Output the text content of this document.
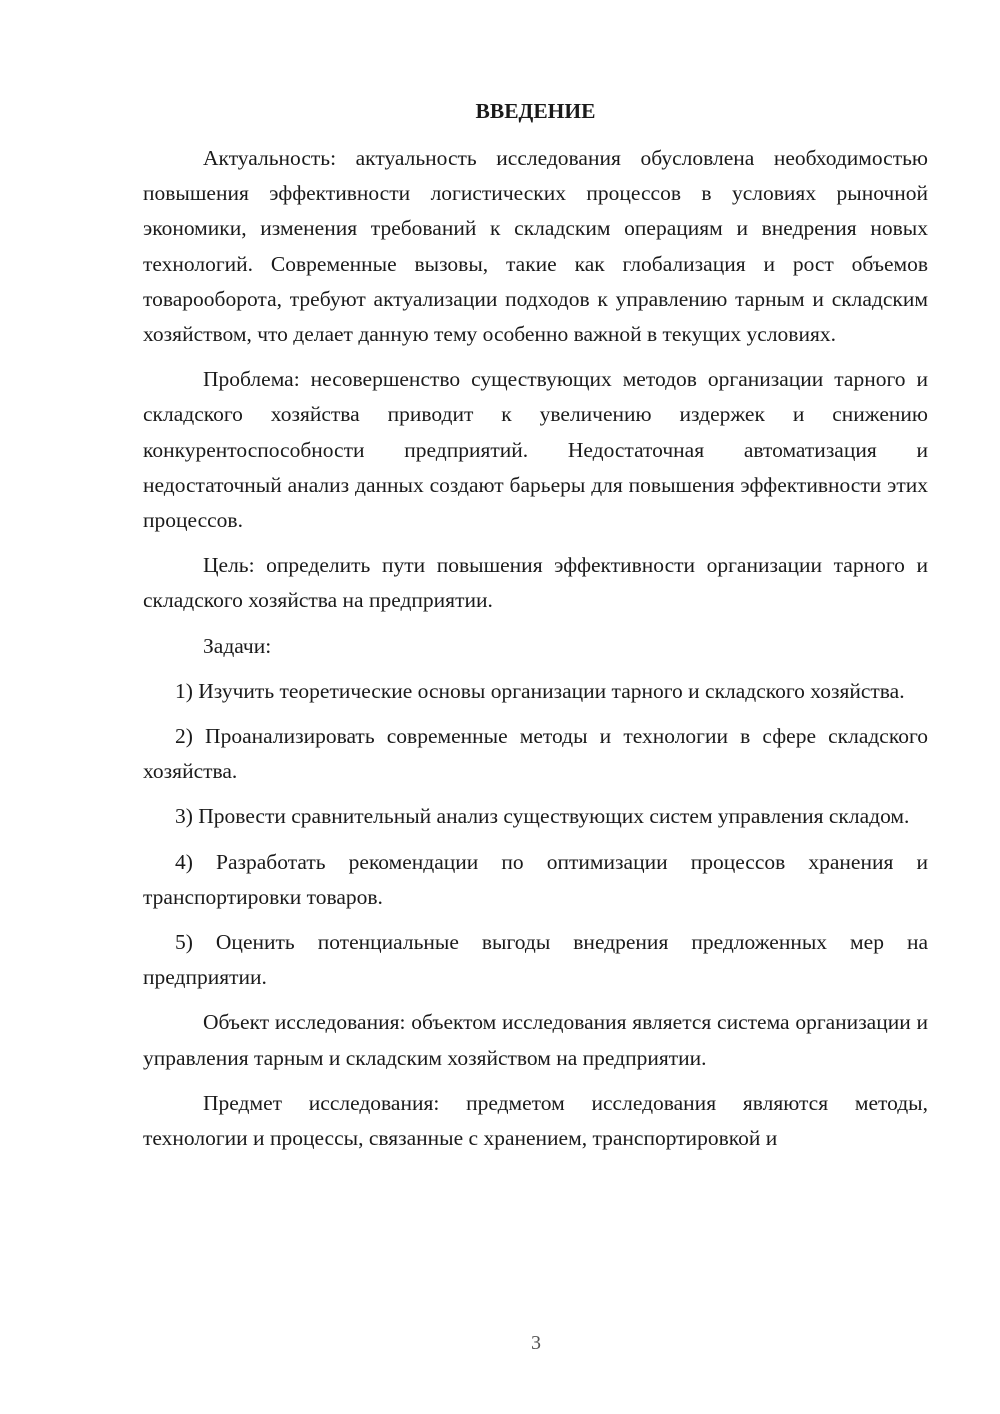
ВВЕДЕНИЕ

Актуальность: актуальность исследования обусловлена необходимостью повышения эффективности логистических процессов в условиях рыночной экономики, изменения требований к складским операциям и внедрения новых технологий. Современные вызовы, такие как глобализация и рост объемов товарооборота, требуют актуализации подходов к управлению тарным и складским хозяйством, что делает данную тему особенно важной в текущих условиях.

Проблема: несовершенство существующих методов организации тарного и складского хозяйства приводит к увеличению издержек и снижению конкурентоспособности предприятий. Недостаточная автоматизация и недостаточный анализ данных создают барьеры для повышения эффективности этих процессов.

Цель: определить пути повышения эффективности организации тарного и складского хозяйства на предприятии.

Задачи:

1) Изучить теоретические основы организации тарного и складского хозяйства.

2) Проанализировать современные методы и технологии в сфере складского хозяйства.

3) Провести сравнительный анализ существующих систем управления складом.

4) Разработать рекомендации по оптимизации процессов хранения и транспортировки товаров.

5) Оценить потенциальные выгоды внедрения предложенных мер на предприятии.

Объект исследования: объектом исследования является система организации и управления тарным и складским хозяйством на предприятии.

Предмет исследования: предметом исследования являются методы, технологии и процессы, связанные с хранением, транспортировкой и

3
